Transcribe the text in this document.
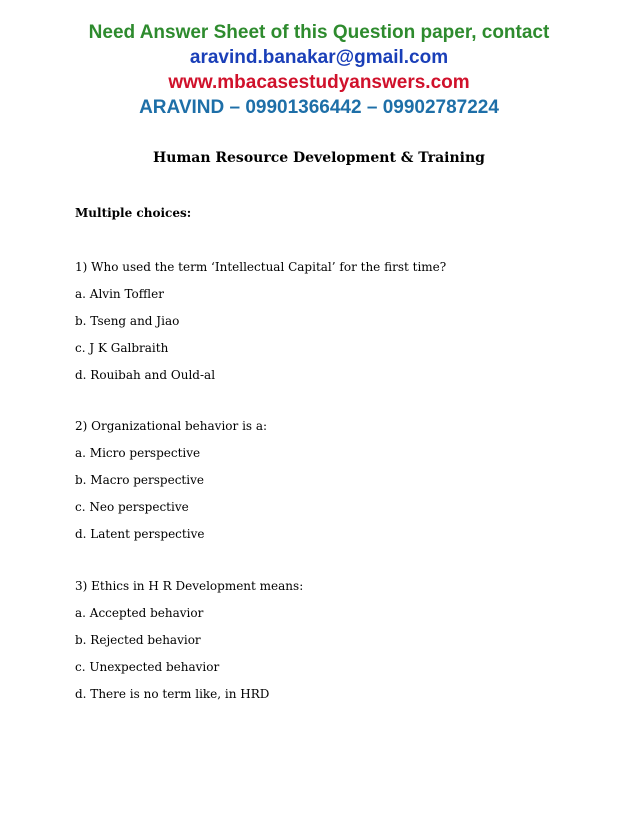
Need Answer Sheet of this Question paper, contact
aravind.banakar@gmail.com
www.mbacasestudyanswers.com
ARAVIND – 09901366442 – 09902787224
Human Resource Development & Training
Multiple choices:
1) Who used the term ‘Intellectual Capital’ for the first time?
a. Alvin Toffler
b. Tseng and Jiao
c. J K Galbraith
d. Rouibah and Ould-al
2) Organizational behavior is a:
a. Micro perspective
b. Macro perspective
c. Neo perspective
d. Latent perspective
3) Ethics in H R Development means:
a. Accepted behavior
b. Rejected behavior
c. Unexpected behavior
d. There is no term like, in HRD
